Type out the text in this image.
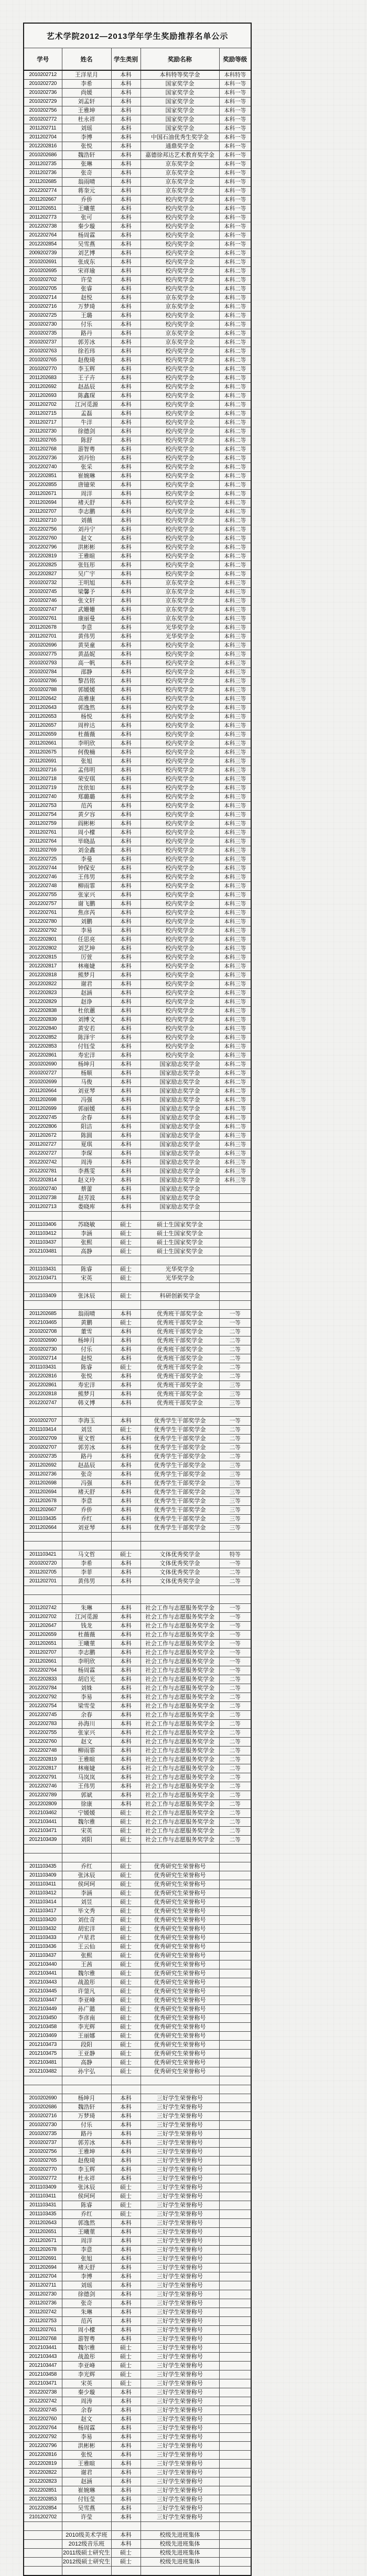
艺术学院2012—2013学年学生奖励推荐名单公示				
学号	姓名	学生类别	奖励名称	奖励等级
2010202712	王洋星月	本科	本科特等奖学金	本科特等
2010202720	李希	本科	国家奖学金	本科一等
2010202736	尚媛	本科	国家奖学金	本科一等
2010202729	刘孟轩	本科	国家奖学金	本科一等
2010202756	王雅坤	本科	国家奖学金	本科一等
2010202772	杜永祥	本科	国家奖学金	本科一等
2011202711	刘瑶	本科	国家奖学金	本科一等
2011202704	李博	本科	中国石油优秀生奖学金	本科一等
2012202816	张悦	本科	通鼎奖学金	本科一等
2010202686	魏浩轩	本科	嘉德徐邦达艺术教育奖学金	本科一等
2011202735	张琳	本科	京东奖学金	本科一等
2011202736	张奇	本科	京东奖学金	本科一等
2011202685	翁雨晴	本科	京东奖学金	本科一等
2012202774	蒋奎元	本科	京东奖学金	本科一等
2011202667	乔侨	本科	校内奖学金	本科一等
2011202651	王曦菫	本科	校内奖学金	本科一等
2011202773	张可	本科	校内奖学金	本科一等
2012202738	秦少璇	本科	校内奖学金	本科一等
2012202764	杨周霖	本科	校内奖学金	本科一等
2012202854	吴雪燕	本科	校内奖学金	本科一等
2009202739	刘艺博	本科	校内奖学金	本科二等
2010202691	张成东	本科	校内奖学金	本科二等
2010202695	宋祥瑜	本科	校内奖学金	本科二等
2010202702	许莹	本科	校内奖学金	本科二等
2010202705	张睿	本科	校内奖学金	本科二等
2010202714	赵悦	本科	京东奖学金	本科二等
2010202716	万梦琦	本科	京东奖学金	本科二等
2010202725	王璐	本科	校内奖学金	本科二等
2010202730	付乐	本科	校内奖学金	本科二等
2010202735	路丹	本科	京东奖学金	本科二等
2010202737	郭芳冰	本科	京东奖学金	本科二等
2010202763	徐若玮	本科	校内奖学金	本科二等
2010202765	赵俊琦	本科	校内奖学金	本科二等
2010202770	李玉辉	本科	校内奖学金	本科二等
2011202683	王子卉	本科	校内奖学金	本科二等
2011202692	赵晶辰	本科	校内奖学金	本科二等
2011202693	陈鑫琛	本科	校内奖学金	本科二等
2011202702	江河觅源	本科	校内奖学金	本科二等
2011202715	孟磊	本科	校内奖学金	本科二等
2011202717	牛洋	本科	校内奖学金	本科二等
2011202730	徐德剑	本科	校内奖学金	本科二等
2011202765	陈舒	本科	校内奖学金	本科二等
2011202768	游智粤	本科	校内奖学金	本科二等
2012202736	刘丹怡	本科	校内奖学金	本科二等
2012202740	张采	本科	校内奖学金	本科二等
2012202851	崔婉琳	本科	校内奖学金	本科二等
2012202855	唐镱荣	本科	校内奖学金	本科二等
2011202671	周洋	本科	校内奖学金	本科二等
2011202694	褚天舒	本科	校内奖学金	本科二等
2011202707	李志鹏	本科	校内奖学金	本科二等
2011202710	刘薇	本科	校内奖学金	本科二等
2012202756	刘丹宁	本科	校内奖学金	本科二等
2012202760	赵文	本科	校内奖学金	本科二等
2012202796	洪彬彬	本科	校内奖学金	本科二等
2012202819	王雅暄	本科	校内奖学金	本科二等
2012202825	张钰彤	本科	校内奖学金	本科二等
2012202827	吴广宇	本科	校内奖学金	本科二等
2010202732	王明旭	本科	京东奖学金	本科三等
2010202745	梁馨予	本科	京东奖学金	本科三等
2010202746	张文轩	本科	京东奖学金	本科三等
2010202747	武姗姗	本科	京东奖学金	本科三等
2010202761	康丽曼	本科	京东奖学金	本科三等
2011202678	李意	本科	光华奖学金	本科三等
2011202701	黄伟男	本科	光华奖学金	本科三等
2010202696	黄昊童	本科	校内奖学金	本科三等
2010202775	黄晶妮	本科	校内奖学金	本科三等
2010202793	高一帆	本科	校内奖学金	本科三等
2010202784	邵静	本科	校内奖学金	本科三等
2010202786	黎昌铭	本科	校内奖学金	本科三等
2010202788	郭媛媛	本科	校内奖学金	本科三等
2011202642	高雅康	本科	校内奖学金	本科三等
2011202643	郭逸然	本科	校内奖学金	本科三等
2011202653	杨悦	本科	校内奖学金	本科三等
2011202657	周梓达	本科	校内奖学金	本科三等
2011202659	杜薇薇	本科	校内奖学金	本科三等
2011202661	李明欣	本科	校内奖学金	本科三等
2011202675	何俊楠	本科	校内奖学金	本科三等
2011202691	张旭	本科	校内奖学金	本科三等
2011202716	孟伟明	本科	校内奖学金	本科三等
2011202718	荣安琪	本科	校内奖学金	本科三等
2011202719	沈依如	本科	校内奖学金	本科三等
2011202740	郑璐璐	本科	校内奖学金	本科三等
2011202753	范芮	本科	校内奖学金	本科三等
2011202754	黄夕容	本科	校内奖学金	本科三等
2011202759	阎彬彬	本科	校内奖学金	本科三等
2011202761	周小檬	本科	校内奖学金	本科三等
2011202764	毕晓晶	本科	校内奖学金	本科三等
2011202769	刘金鑫	本科	校内奖学金	本科三等
2012202725	李曼	本科	校内奖学金	本科三等
2012202744	钟保安	本科	校内奖学金	本科三等
2012202746	王伟男	本科	校内奖学金	本科三等
2012202748	柳雨霏	本科	校内奖学金	本科三等
2012202755	张家兴	本科	校内奖学金	本科三等
2012202757	谢飞鹏	本科	校内奖学金	本科三等
2012202761	焦彦芮	本科	校内奖学金	本科三等
2012202780	刘鹏	本科	校内奖学金	本科三等
2012202792	李易	本科	校内奖学金	本科三等
2012202801	任思亮	本科	校内奖学金	本科三等
2012202802	刘艺坤	本科	校内奖学金	本科三等
2012202815	厉萱	本科	校内奖学金	本科三等
2012202817	林雍婕	本科	校内奖学金	本科三等
2012202818	熊梦月	本科	校内奖学金	本科三等
2012202822	谢君	本科	校内奖学金	本科三等
2012202823	赵涵	本科	校内奖学金	本科三等
2012202829	赵诤	本科	校内奖学金	本科三等
2012202838	杜依蕙	本科	校内奖学金	本科三等
2012202839	刘博文	本科	校内奖学金	本科三等
2012202840	黄安若	本科	校内奖学金	本科三等
2012202852	陈泽宇	本科	校内奖学金	本科三等
2012202853	付钰莹	本科	校内奖学金	本科三等
2012202861	寿宏洋	本科	校内奖学金	本科三等
2010202690	杨坤月	本科	国家励志奖学金	本科二等
2010202727	杨顺	本科	国家励志奖学金	本科二等
2010202699	马俊	本科	国家励志奖学金	本科二等
2011202664	刘亚琴	本科	国家励志奖学金	本科二等
2011202698	冯强	本科	国家励志奖学金	本科二等
2011202699	郭丽媛	本科	国家励志奖学金	本科二等
2012202745	余春	本科	国家励志奖学金	本科二等
2012202806	阳洁	本科	国家励志奖学金	本科二等
2011202672	陈圆	本科	国家励志奖学金	本科三等
2011202727	夏琪	本科	国家励志奖学金	本科三等
2012202727	李琛	本科	国家励志奖学金	本科三等
2012202742	周涛	本科	国家励志奖学金	本科三等
2012202781	李燕雯	本科	国家励志奖学金	本科三等
2012202814	赵义玲	本科	国家励志奖学金	本科三等
2010202740	蔡蕾	本科	国家励志奖学金	
2011202738	赵芳波	本科	国家励志奖学金	
2011202713	娄晓库	本科	国家励志奖学金	

2011103406	苏晓敏	硕士	硕士生国家奖学金	
2011103412	李涵	硕士	硕士生国家奖学金	
2011103437	张熙	硕士	硕士生国家奖学金	
2012103481	高静	硕士	硕士生国家奖学金	

2011103431	陈睿	硕士	光华奖学金	
2012103471	宋英	硕士	光华奖学金	

2011103409	张沐辰	硕士	科研创新奖学金	

2011202685	翁雨晴	本科	优秀班干部奖学金	一等
2012103465	黄鹏	硕士	优秀班干部奖学金	一等
2010202708	董雪	本科	优秀班干部奖学金	二等
2010202690	杨坤月	本科	优秀班干部奖学金	二等
2010202730	付乐	本科	优秀班干部奖学金	二等
2010202714	赵悦	本科	优秀班干部奖学金	二等
2011103431	陈睿	硕士	优秀班干部奖学金	二等
2012202816	张悦	本科	优秀班干部奖学金	二等
2012202861	寿宏洋	本科	优秀班干部奖学金	三等
2012202818	熊梦月	本科	优秀班干部奖学金	三等
2012202747	韩义博	本科	优秀班干部奖学金	三等

2010202707	李海玉	本科	优秀学生干部奖学金	一等
2011103414	刘昱	硕士	优秀学生干部奖学金	二等
2010202709	夏文哲	本科	优秀学生干部奖学金	二等
2010202707	郭芳冰	本科	优秀学生干部奖学金	二等
2010202735	路丹	本科	优秀学生干部奖学金	二等
2011202692	赵晶辰	本科	优秀学生干部奖学金	三等
2011202736	张奇	本科	优秀学生干部奖学金	三等
2011202698	冯强	本科	优秀学生干部奖学金	三等
2011202694	褚天舒	本科	优秀学生干部奖学金	三等
2011202678	李意	本科	优秀学生干部奖学金	三等
2011202667	乔侨	本科	优秀学生干部奖学金	三等
2011103435	乔红	本科	优秀学生干部奖学金	三等
2011202664	刘亚琴	本科	优秀学生干部奖学金	三等

2011103421	马文哲	硕士	文体优秀奖学金	特等
2010202720	李希	本科	文体优秀奖学金	一等
2011202705	李菲	本科	文体优秀奖学金	二等
2011202701	黄伟男	本科	文体优秀奖学金	二等

2011202742	朱琳	本科	社会工作与志愿服务奖学金	一等
2011202702	江河觅源	本科	社会工作与志愿服务奖学金	一等
2011202647	钱龙	本科	社会工作与志愿服务奖学金	一等
2011202659	杜薇薇	本科	社会工作与志愿服务奖学金	一等
2011202651	王曦菫	本科	社会工作与志愿服务奖学金	一等
2011202707	李志鹏	本科	社会工作与志愿服务奖学金	一等
2011202661	李明欣	本科	社会工作与志愿服务奖学金	一等
2012202764	杨周霖	本科	社会工作与志愿服务奖学金	一等
2012202833	胡启光	本科	社会工作与志愿服务奖学金	二等
2012202784	刘姝	本科	社会工作与志愿服务奖学金	二等
2012202792	李易	本科	社会工作与志愿服务奖学金	二等
2012202754	梁雪莹	本科	社会工作与志愿服务奖学金	二等
2012202745	余春	本科	社会工作与志愿服务奖学金	二等
2012202783	孙海川	本科	社会工作与志愿服务奖学金	二等
2012202755	张家兴	本科	社会工作与志愿服务奖学金	二等
2012202760	赵文	本科	社会工作与志愿服务奖学金	二等
2012202748	柳雨霏	本科	社会工作与志愿服务奖学金	二等
2012202819	王雅暄	本科	社会工作与志愿服务奖学金	二等
2012202817	林雍婕	本科	社会工作与志愿服务奖学金	二等
2012202791	马岚岚	本科	社会工作与志愿服务奖学金	二等
2012202746	王伟男	本科	社会工作与志愿服务奖学金	二等
2012202789	郭斌	本科	社会工作与志愿服务奖学金	二等
2012202809	徐康	本科	社会工作与志愿服务奖学金	二等
2012103462	宁媛媛	硕士	社会工作与志愿服务奖学金	二等
2012103441	魏尔雅	硕士	社会工作与志愿服务奖学金	二等
2012103471	宋英	硕士	社会工作与志愿服务奖学金	二等
2012103439	刘阳	硕士	社会工作与志愿服务奖学金	二等

2011103435	乔红	硕士	优秀研究生荣誉称号	
2011103409	张沐辰	硕士	优秀研究生荣誉称号	
2011103411	侯珂珂	硕士	优秀研究生荣誉称号	
2011103412	李涵	硕士	优秀研究生荣誉称号	
2011103414	刘昱	硕士	优秀研究生荣誉称号	
2011103417	毕文秀	硕士	优秀研究生荣誉称号	
2011103420	刘仕奇	硕士	优秀研究生荣誉称号	
2011103432	胡宏洋	硕士	优秀研究生荣誉称号	
2011103433	卢星君	硕士	优秀研究生荣誉称号	
2011103436	王云仙	硕士	优秀研究生荣誉称号	
2011103437	张熙	硕士	优秀研究生荣誉称号	
2012103440	王茜	硕士	优秀研究生荣誉称号	
2012103441	魏尔雅	硕士	优秀研究生荣誉称号	
2012103443	战盈彤	硕士	优秀研究生荣誉称号	
2012103445	许蓥凡	硕士	优秀研究生荣誉称号	
2012103447	李亚峰	硕士	优秀研究生荣誉称号	
2012103449	孙广懿	硕士	优秀研究生荣誉称号	
2012103450	李彦南	硕士	优秀研究生荣誉称号	
2012103458	李光辉	硕士	优秀研究生荣誉称号	
2012103469	王丽娜	硕士	优秀研究生荣誉称号	
2012103473	段阳	硕士	优秀研究生荣誉称号	
2012103475	王亚静	硕士	优秀研究生荣誉称号	
2012103481	高静	硕士	优秀研究生荣誉称号	
2012103482	孙宇弘	硕士	优秀研究生荣誉称号	

2010202690	杨坤月	本科	三好学生荣誉称号	
2010202686	魏浩轩	本科	三好学生荣誉称号	
2010202716	万梦琦	本科	三好学生荣誉称号	
2010202730	付乐	本科	三好学生荣誉称号	
2010202735	路丹	本科	三好学生荣誉称号	
2010202737	郭芳冰	本科	三好学生荣誉称号	
2010202756	王雅坤	本科	三好学生荣誉称号	
2010202765	赵俊琦	本科	三好学生荣誉称号	
2010202770	李玉辉	本科	三好学生荣誉称号	
2010202772	杜永祥	本科	三好学生荣誉称号	
2011103409	张沐辰	硕士	三好学生荣誉称号	
2011103411	侯珂珂	硕士	三好学生荣誉称号	
2011103431	陈睿	硕士	三好学生荣誉称号	
2011103435	乔红	硕士	三好学生荣誉称号	
2011202643	郭逸然	本科	三好学生荣誉称号	
2011202651	王曦菫	本科	三好学生荣誉称号	
2011202671	周洋	本科	三好学生荣誉称号	
2011202678	李意	本科	三好学生荣誉称号	
2011202691	张旭	本科	三好学生荣誉称号	
2011202694	褚天舒	本科	三好学生荣誉称号	
2011202704	李博	本科	三好学生荣誉称号	
2011202711	刘瑶	本科	三好学生荣誉称号	
2011202730	徐德剑	本科	三好学生荣誉称号	
2011202736	张奇	本科	三好学生荣誉称号	
2011202742	朱琳	本科	三好学生荣誉称号	
2011202753	范芮	本科	三好学生荣誉称号	
2011202761	周小檬	本科	三好学生荣誉称号	
2011202768	游智粤	本科	三好学生荣誉称号	
2012103441	魏尔雅	硕士	三好学生荣誉称号	
2012103443	战盈彤	硕士	三好学生荣誉称号	
2012103447	李亚峰	硕士	三好学生荣誉称号	
2012103458	李光辉	硕士	三好学生荣誉称号	
2012103471	宋英	硕士	三好学生荣誉称号	
2012202738	秦少璇	本科	三好学生荣誉称号	
2012202742	周涛	本科	三好学生荣誉称号	
2012202745	余春	本科	三好学生荣誉称号	
2012202760	赵文	本科	三好学生荣誉称号	
2012202764	杨周霖	本科	三好学生荣誉称号	
2012202792	李易	本科	三好学生荣誉称号	
2012202796	洪彬彬	本科	三好学生荣誉称号	
2012202816	张悦	本科	三好学生荣誉称号	
2012202819	王雅暄	本科	三好学生荣誉称号	
2012202822	谢君	本科	三好学生荣誉称号	
2012202823	赵涵	本科	三好学生荣誉称号	
2012202851	崔婉琳	本科	三好学生荣誉称号	
2012202853	付钰莹	本科	三好学生荣誉称号	
2012202854	吴雪燕	本科	三好学生荣誉称号	
2101202702	许莹	本科	三好学生荣誉称号	

	2010级美术学班	本科	校级先进班集体	
	2012级音乐班	本科	校级先进班集体	
	2011级硕士研究生	硕士	校级先进班集体	
	2012级硕士研究生	硕士	校级先进班集体	
